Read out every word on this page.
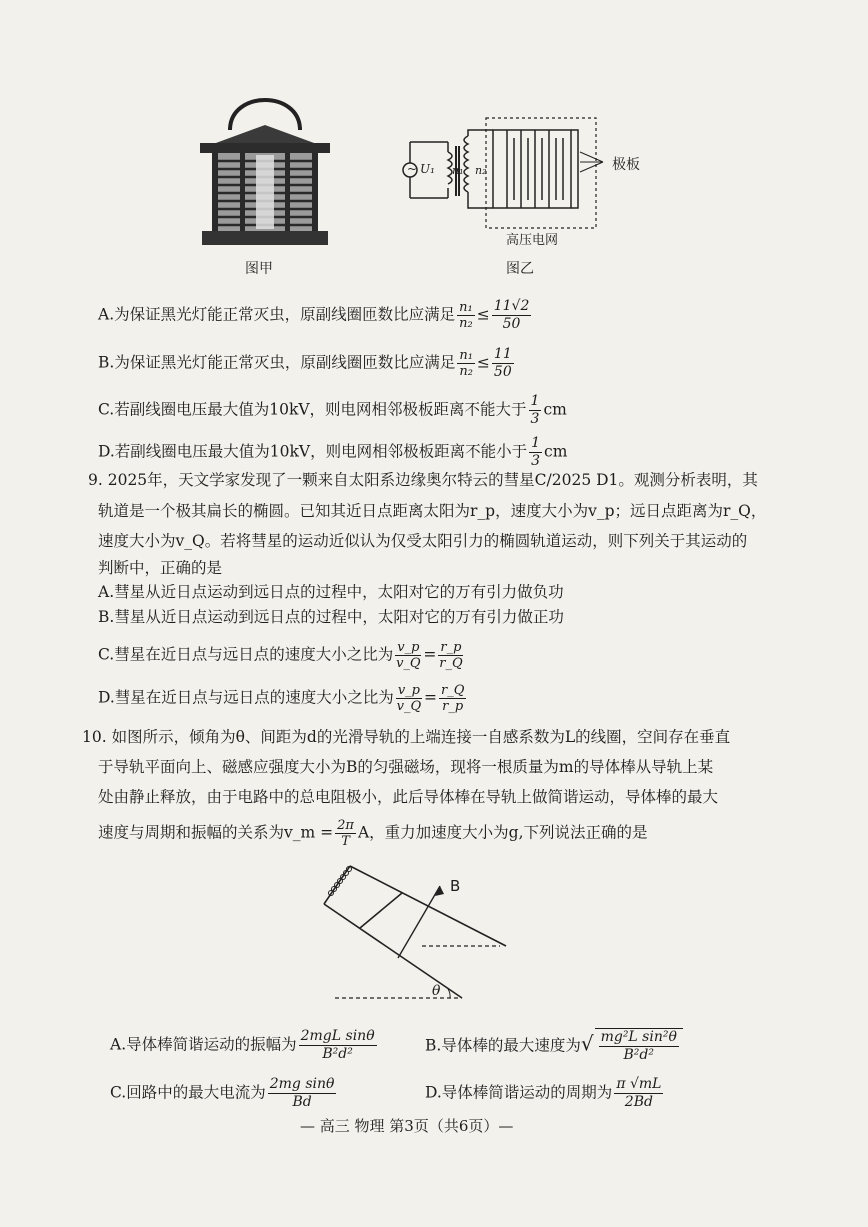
图甲
~ U₁ n₁ n₂	极板
高压电网
图乙
A.为保证黑光灯能正常灭虫，原副线圈匝数比应满足 $\frac{\text{n₁}}{\text{n₂}} \le \frac{11√2}{50}$
B.为保证黑光灯能正常灭虫，原副线圈匝数比应满足 $\frac{\text{n₁}}{\text{n₂}} \le \frac{11}{50}$
C.若副线圈电压最大值为10kV，则电网相邻极板距离不能大于 $\frac{1}{3}$ cm
D.若副线圈电压最大值为10kV，则电网相邻极板距离不能小于 $\frac{1}{3}$ cm
9. 2025年，天文学家发现了一颗来自太阳系边缘奥尔特云的彗星C/2025 D1。观测分析表明，其
轨道是一个极其扁长的椭圆。已知其近日点距离太阳为r_p，速度大小为v_p；远日点距离为r_Q，
速度大小为v_Q。若将彗星的运动近似认为仅受太阳引力的椭圆轨道运动，则下列关于其运动的
判断中，正确的是
A.彗星从近日点运动到远日点的过程中，太阳对它的万有引力做负功
B.彗星从近日点运动到远日点的过程中，太阳对它的万有引力做正功
C.彗星在近日点与远日点的速度大小之比为 $\frac{v\_p}{v\_Q} = \frac{r\_p}{r\_Q}$
D.彗星在近日点与远日点的速度大小之比为 $\frac{v\_p}{v\_Q} = \frac{r\_Q}{r\_p}$
10. 如图所示，倾角为θ、间距为d的光滑导轨的上端连接一自感系数为L的线圈，空间存在垂直
于导轨平面向上、磁感应强度大小为B的匀强磁场，现将一根质量为m的导体棒从导轨上某
处由静止释放，由于电路中的总电阻极小，此后导体棒在导轨上做简谐运动，导体棒的最大
速度与周期和振幅的关系为v_m = $\frac{2\pi}{T}$ A，重力加速度大小为g,下列说法正确的是
B
θ
A.导体棒简谐运动的振幅为 $\frac{\text{2mgL sinθ}}{\text{B²d²}}$	B.导体棒的最大速度为√ $\frac{\text{mg²L sin²θ}}{\text{B²d²}}$
C.回路中的最大电流为 $\frac{\text{2mg sinθ}}{Bd}$	D.导体棒简谐运动的周期为 $\frac{\pi √mL}{2Bd}$
— 高三 物理 第3页（共6页）—
